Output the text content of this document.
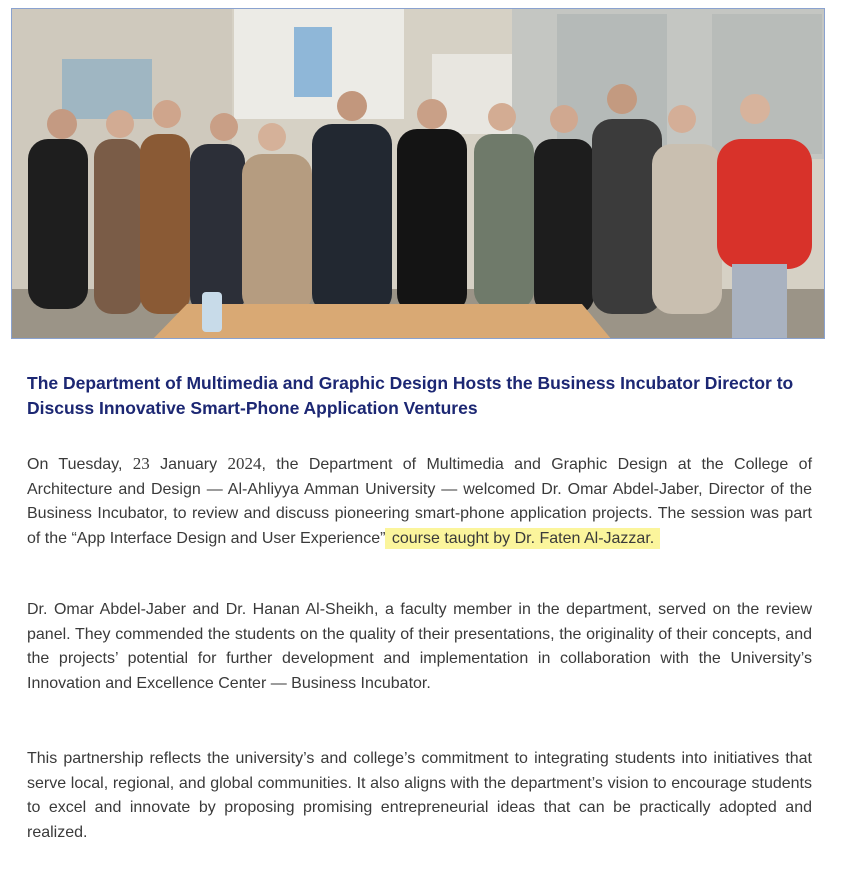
The Department of Multimedia and Graphic Design Hosts the Business Incubator Director to Discuss Innovative Smart-Phone Application Ventures

On Tuesday, 23 January 2024, the Department of Multimedia and Graphic Design at the College of Architecture and Design — Al-Ahliyya Amman University — welcomed Dr. Omar Abdel-Jaber, Director of the Business Incubator, to review and discuss pioneering smart-phone application projects. The session was part of the “App Interface Design and User Experience” course taught by Dr. Faten Al-Jazzar.

Dr. Omar Abdel-Jaber and Dr. Hanan Al-Sheikh, a faculty member in the department, served on the review panel. They commended the students on the quality of their presentations, the originality of their concepts, and the projects’ potential for further development and implementation in collaboration with the University’s Innovation and Excellence Center — Business Incubator.

This partnership reflects the university’s and college’s commitment to integrating students into initiatives that serve local, regional, and global communities. It also aligns with the department’s vision to encourage students to excel and innovate by proposing promising entrepreneurial ideas that can be practically adopted and realized.
